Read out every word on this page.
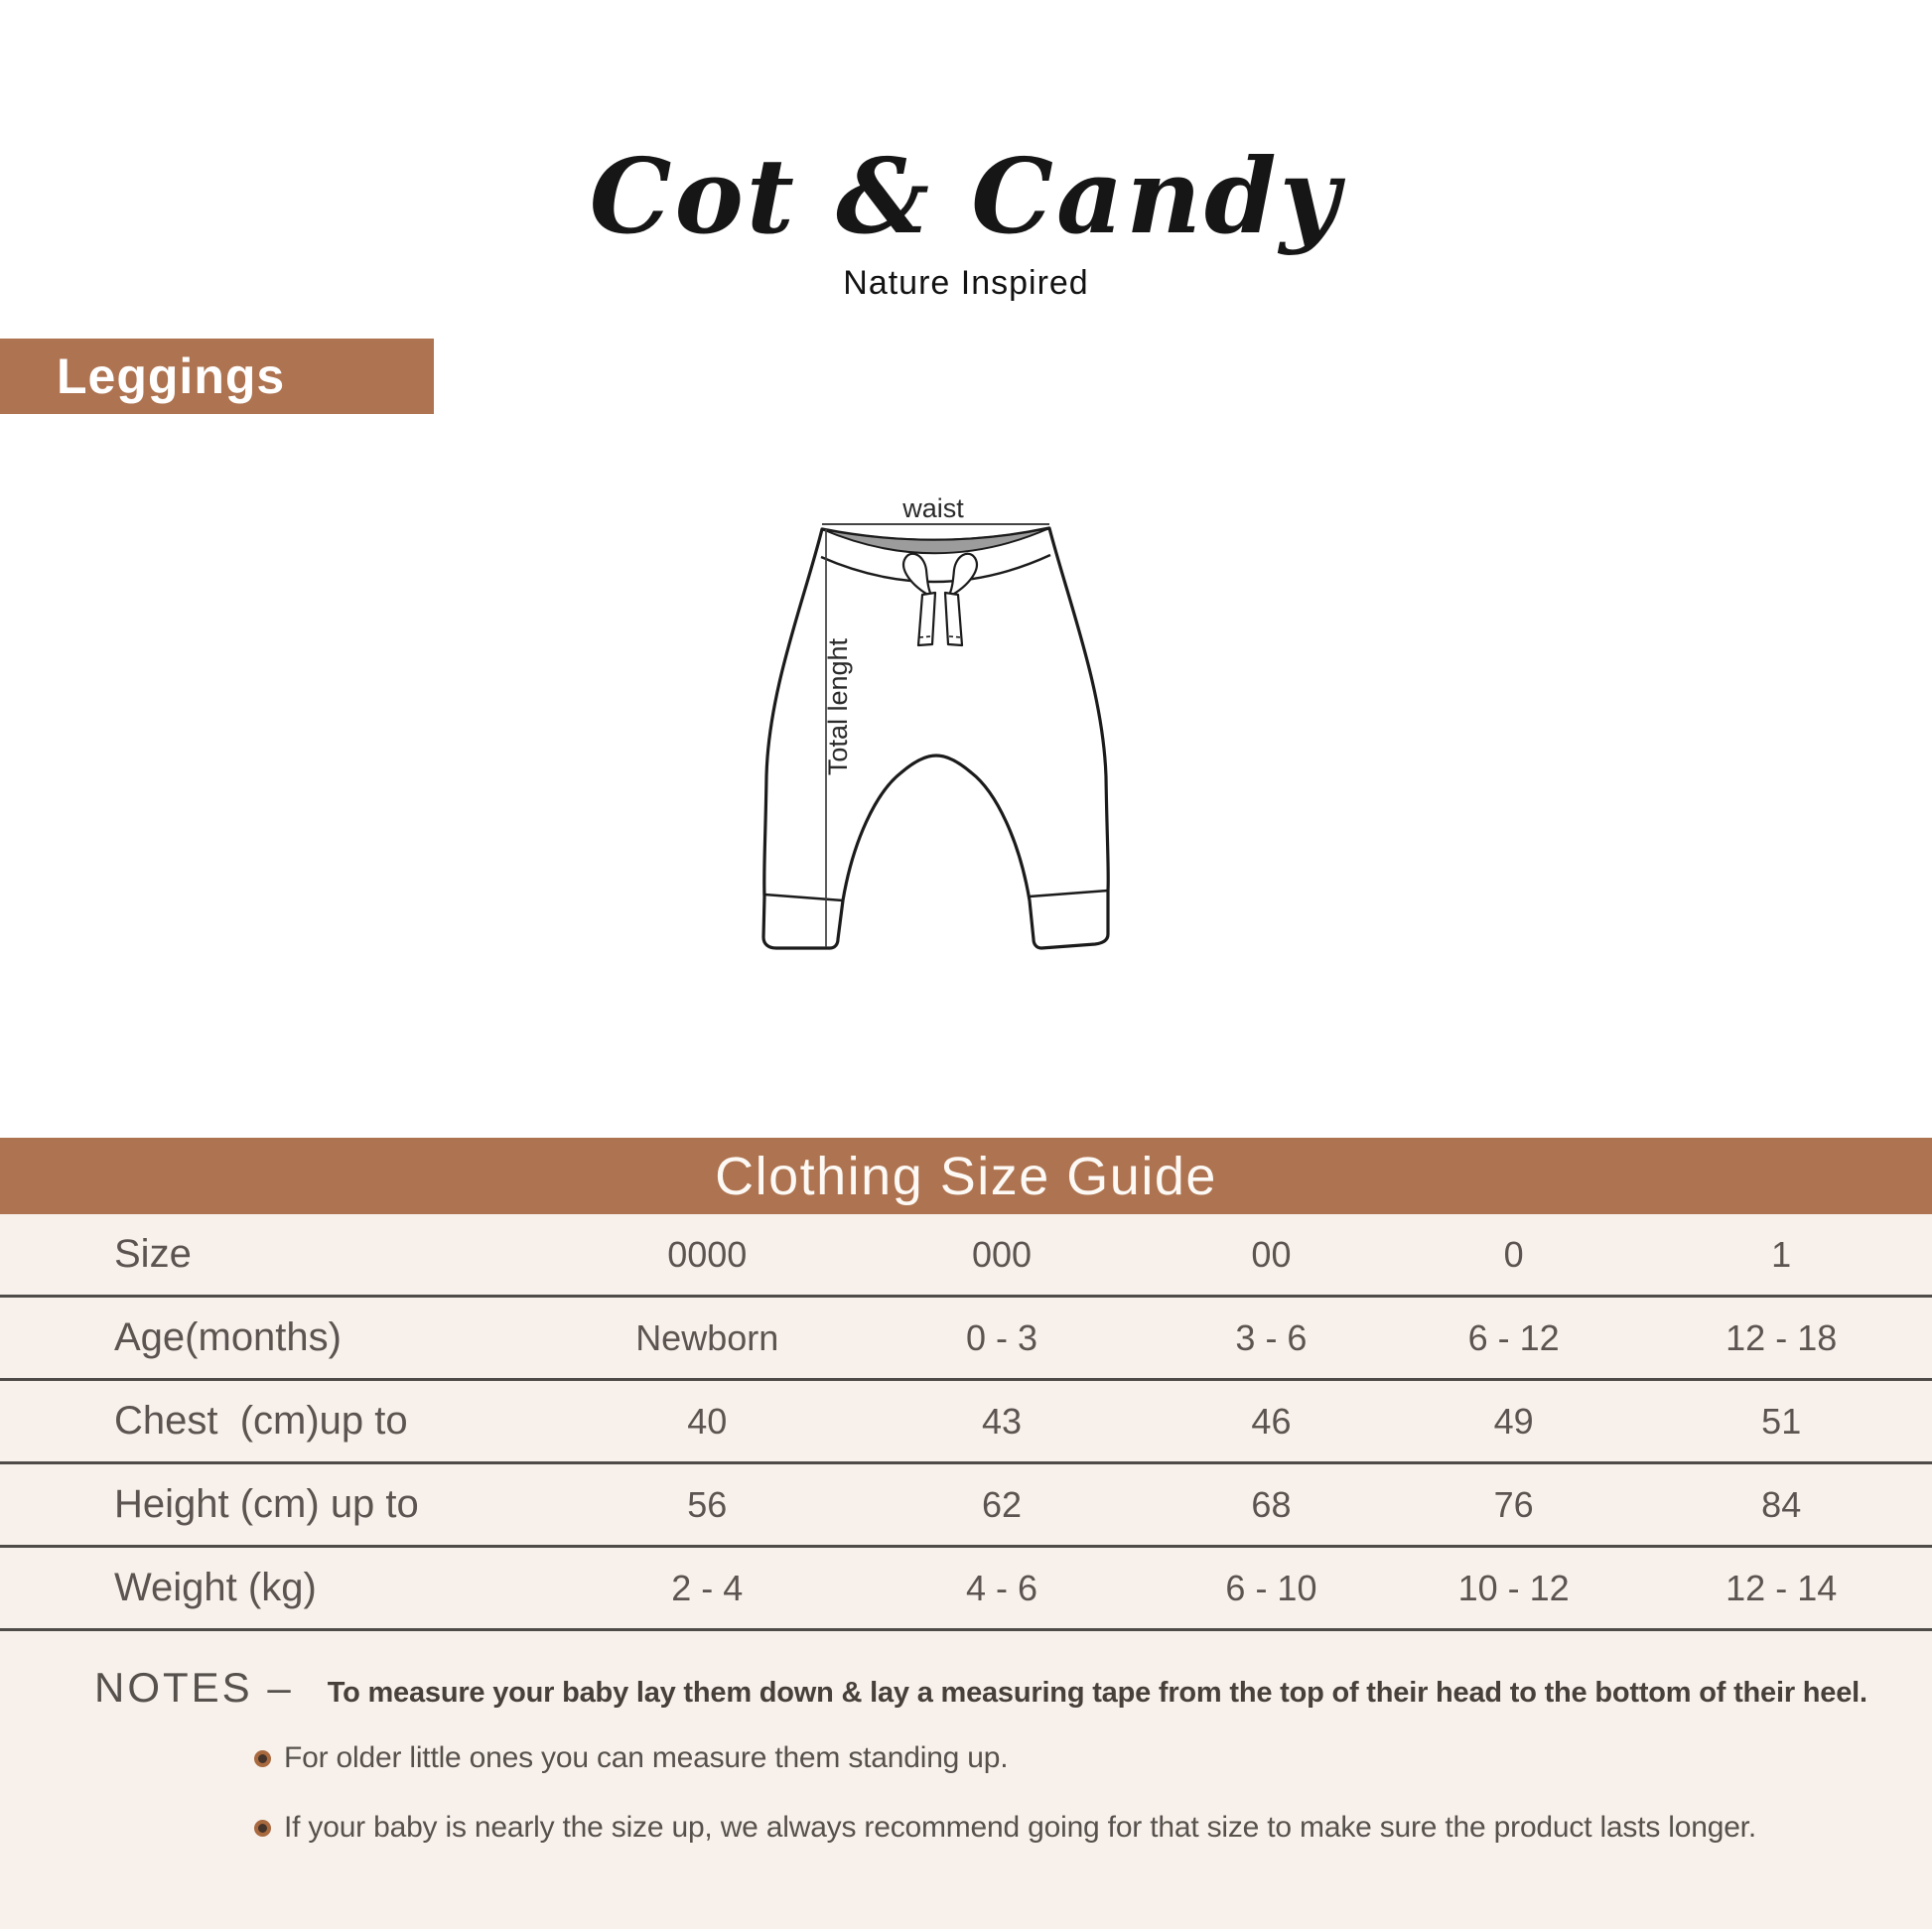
Cot & Candy
Nature Inspired
Leggings
waist
Total lenght
Clothing Size Guide
Size	0000	000	00	0	1
Age(months)	Newborn	0 - 3	3 - 6	6 - 12	12 - 18
Chest  (cm)up to	40	43	46	49	51
Height (cm) up to	56	62	68	76	84
Weight (kg)	2 - 4	4 - 6	6 - 10	10 - 12	12 - 14
NOTES – To measure your baby lay them down & lay a measuring tape from the top of their head to the bottom of their heel.
For older little ones you can measure them standing up.
If your baby is nearly the size up, we always recommend going for that size to make sure the product lasts longer.
